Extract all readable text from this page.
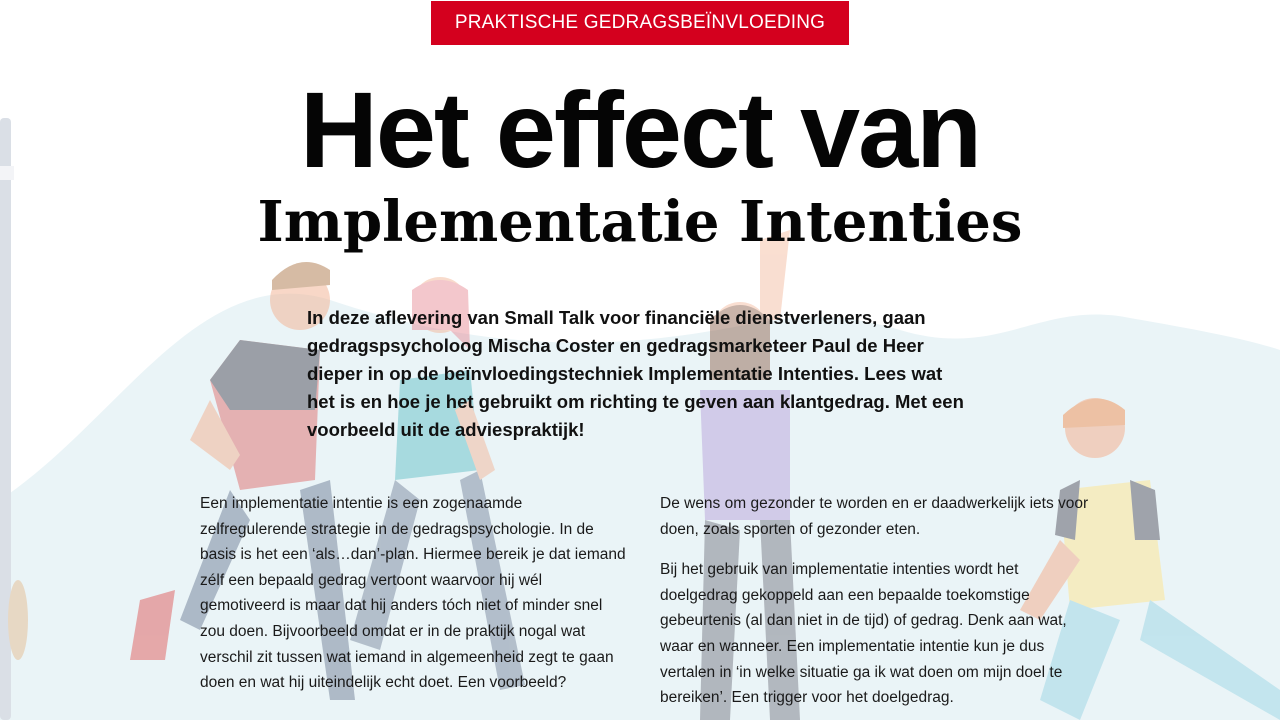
PRAKTISCHE GEDRAGSBEÏNVLOEDING
Het effect van
Implementatie Intenties

In deze aflevering van Small Talk voor financiële dienstverleners, gaan gedragspsycholoog Mischa Coster en gedragsmarketeer Paul de Heer dieper in op de beïnvloedingstechniek Implementatie Intenties. Lees wat het is en hoe je het gebruikt om richting te geven aan klantgedrag. Met een voorbeeld uit de adviespraktijk!

Een implementatie intentie is een zogenaamde zelfregulerende strategie in de gedragspsychologie. In de basis is het een ‘als…dan’-plan. Hiermee bereik je dat iemand zélf een bepaald gedrag vertoont waarvoor hij wél gemotiveerd is maar dat hij anders tóch niet of minder snel zou doen. Bijvoorbeeld omdat er in de praktijk nogal wat verschil zit tussen wat iemand in algemeenheid zegt te gaan doen en wat hij uiteindelijk echt doet. Een voorbeeld?

De wens om gezonder te worden en er daadwerkelijk iets voor doen, zoals sporten of gezonder eten.

Bij het gebruik van implementatie intenties wordt het doelgedrag gekoppeld aan een bepaalde toekomstige gebeurtenis (al dan niet in de tijd) of gedrag. Denk aan wat, waar en wanneer. Een implementatie intentie kun je dus vertalen in ‘in welke situatie ga ik wat doen om mijn doel te bereiken’. Een trigger voor het doelgedrag.
